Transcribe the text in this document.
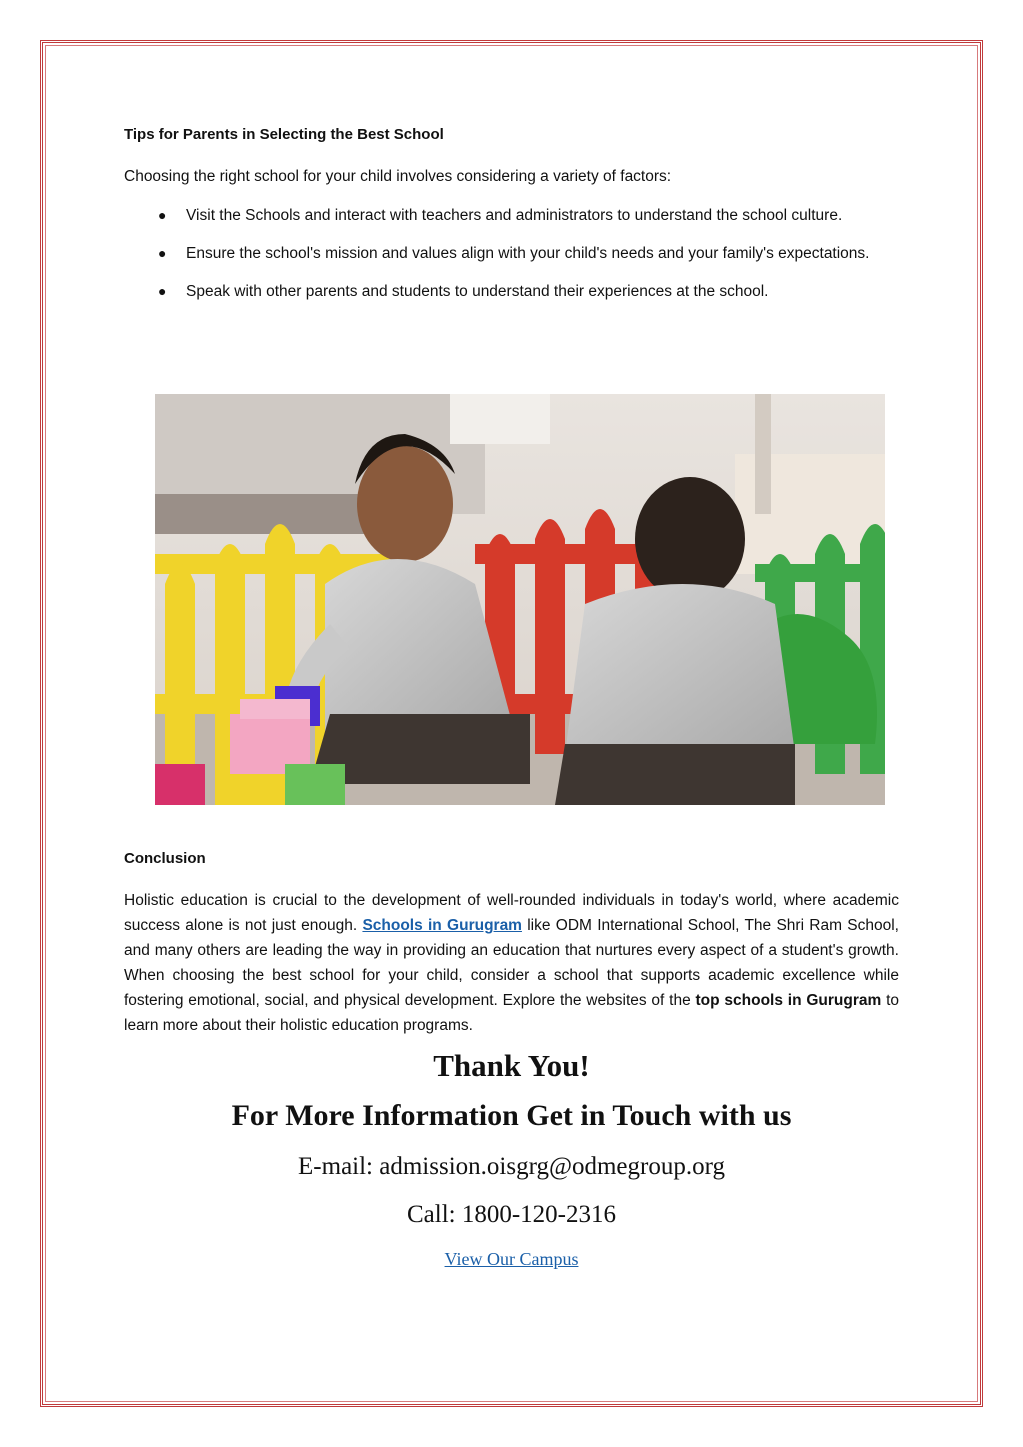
Tips for Parents in Selecting the Best School

Choosing the right school for your child involves considering a variety of factors:

● Visit the Schools and interact with teachers and administrators to understand the school culture.
● Ensure the school's mission and values align with your child's needs and your family's expectations.
● Speak with other parents and students to understand their experiences at the school.

Conclusion

Holistic education is crucial to the development of well-rounded individuals in today's world, where academic success alone is not just enough. Schools in Gurugram like ODM International School, The Shri Ram School, and many others are leading the way in providing an education that nurtures every aspect of a student's growth. When choosing the best school for your child, consider a school that supports academic excellence while fostering emotional, social, and physical development. Explore the websites of the top schools in Gurugram to learn more about their holistic education programs.

Thank You!
For More Information Get in Touch with us
E-mail: admission.oisgrg@odmegroup.org
Call: 1800-120-2316
View Our Campus
